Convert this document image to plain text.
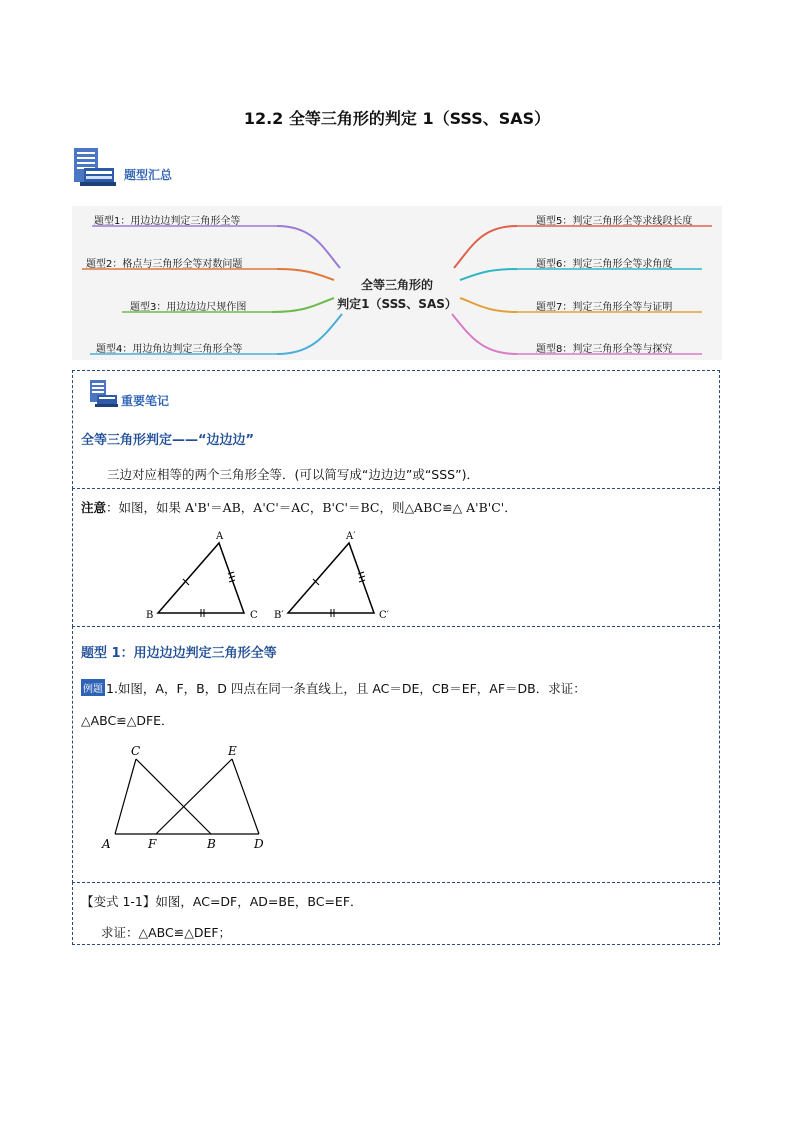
12.2 全等三角形的判定 1（SSS、SAS）
题型汇总
题型1：用边边边判定三角形全等
题型2：格点与三角形全等对数问题
题型3：用边边边尺规作图
题型4：用边角边判定三角形全等
题型5：判定三角形全等求线段长度
题型6：判定三角形全等求角度
题型7：判定三角形全等与证明
题型8：判定三角形全等与探究
全等三角形的
判定1（SSS、SAS）
重要笔记
全等三角形判定——“边边边”
三边对应相等的两个三角形全等．(可以简写成“边边边”或“SSS”)．
注意：如图，如果 A'B'＝AB，A'C'＝AC，B'C'＝BC，则△ABC≌△ A'B'C'．
A
B	C
A′
B′	C′
题型 1：用边边边判定三角形全等
例题 1.如图，A，F，B，D 四点在同一条直线上，且 AC＝DE，CB＝EF，AF＝DB．求证：
△ABC≌△DFE．
C	E
A	F	B	D
【变式 1-1】如图，AC=DF，AD=BE，BC=EF．
求证：△ABC≌△DEF；
